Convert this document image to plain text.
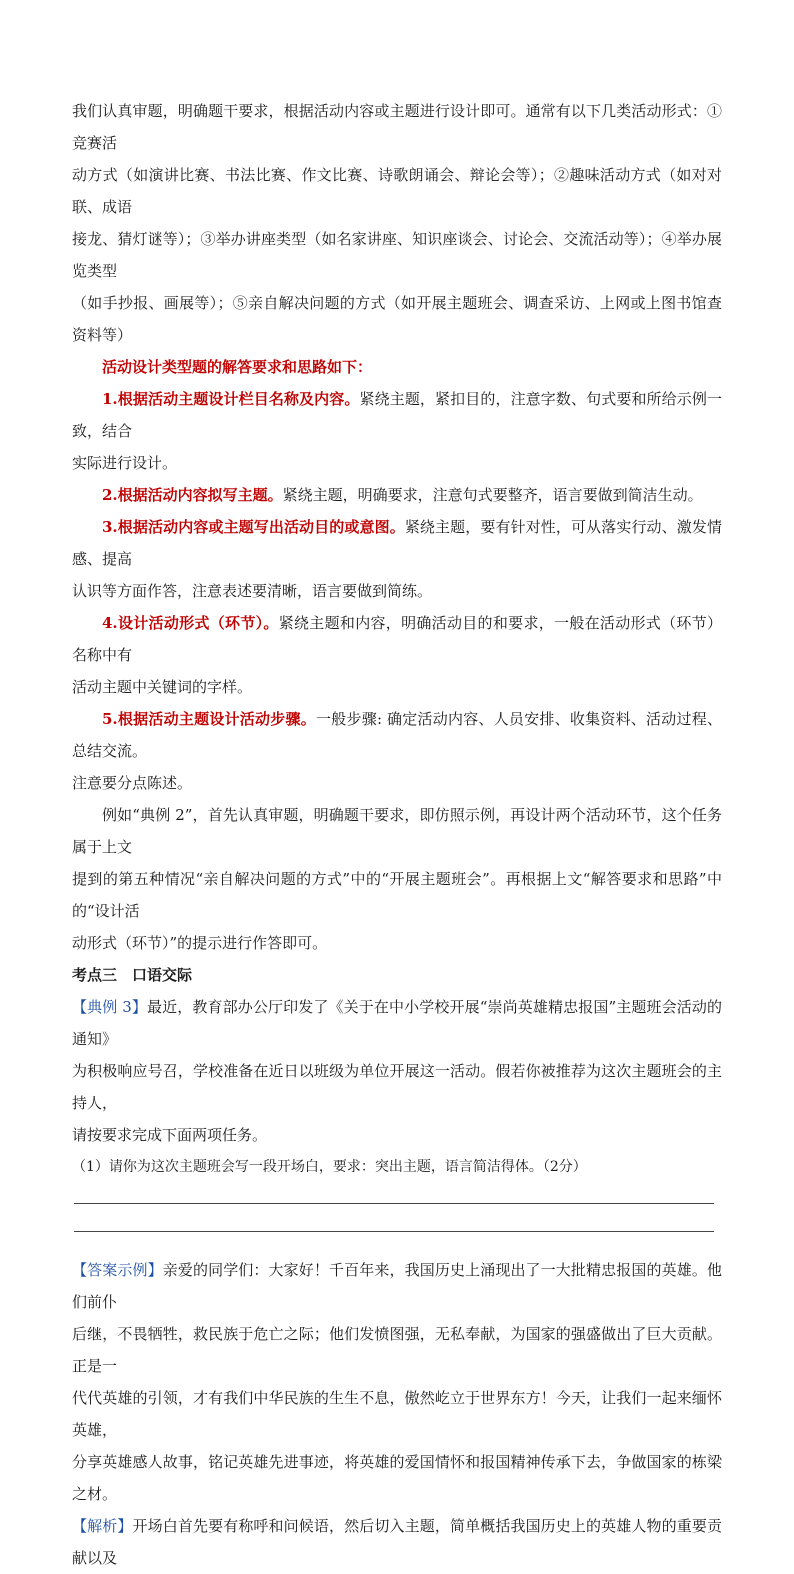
我们认真审题，明确题干要求，根据活动内容或主题进行设计即可。通常有以下几类活动形式：①竞赛活

动方式（如演讲比赛、书法比赛、作文比赛、诗歌朗诵会、辩论会等）；②趣味活动方式（如对对联、成语

接龙、猜灯谜等）；③举办讲座类型（如名家讲座、知识座谈会、讨论会、交流活动等）；④举办展览类型

（如手抄报、画展等）；⑤亲自解决问题的方式（如开展主题班会、调查采访、上网或上图书馆查资料等）

活动设计类型题的解答要求和思路如下：

1.根据活动主题设计栏目名称及内容。紧绕主题，紧扣目的，注意字数、句式要和所给示例一致，结合

实际进行设计。

2.根据活动内容拟写主题。紧绕主题，明确要求，注意句式要整齐，语言要做到简洁生动。

3.根据活动内容或主题写出活动目的或意图。紧绕主题，要有针对性，可从落实行动、激发情感、提高

认识等方面作答，注意表述要清晰，语言要做到简练。

4.设计活动形式（环节）。紧绕主题和内容，明确活动目的和要求，一般在活动形式（环节）名称中有

活动主题中关键词的字样。

5.根据活动主题设计活动步骤。一般步骤: 确定活动内容、人员安排、收集资料、活动过程、总结交流。

注意要分点陈述。

例如“典例 2”，首先认真审题，明确题干要求，即仿照示例，再设计两个活动环节，这个任务属于上文

提到的第五种情况“亲自解决问题的方式”中的“开展主题班会”。再根据上文“解答要求和思路”中的“设计活

动形式（环节）”的提示进行作答即可。

考点三　口语交际

【典例 3】最近，教育部办公厅印发了《关于在中小学校开展“崇尚英雄精忠报国”主题班会活动的通知》

为积极响应号召，学校准备在近日以班级为单位开展这一活动。假若你被推荐为这次主题班会的主持人，

请按要求完成下面两项任务。

（1）请你为这次主题班会写一段开场白，要求：突出主题，语言简洁得体。（2分）

【答案示例】亲爱的同学们：大家好！千百年来，我国历史上涌现出了一大批精忠报国的英雄。他们前仆

后继，不畏牺牲，救民族于危亡之际；他们发愤图强，无私奉献，为国家的强盛做出了巨大贡献。正是一

代代英雄的引领，才有我们中华民族的生生不息，傲然屹立于世界东方！今天，让我们一起来缅怀英雄，

分享英雄感人故事，铭记英雄先进事迹，将英雄的爱国情怀和报国精神传承下去，争做国家的栋梁之材。

【解析】开场白首先要有称呼和问候语，然后切入主题，简单概括我国历史上的英雄人物的重要贡献以及
